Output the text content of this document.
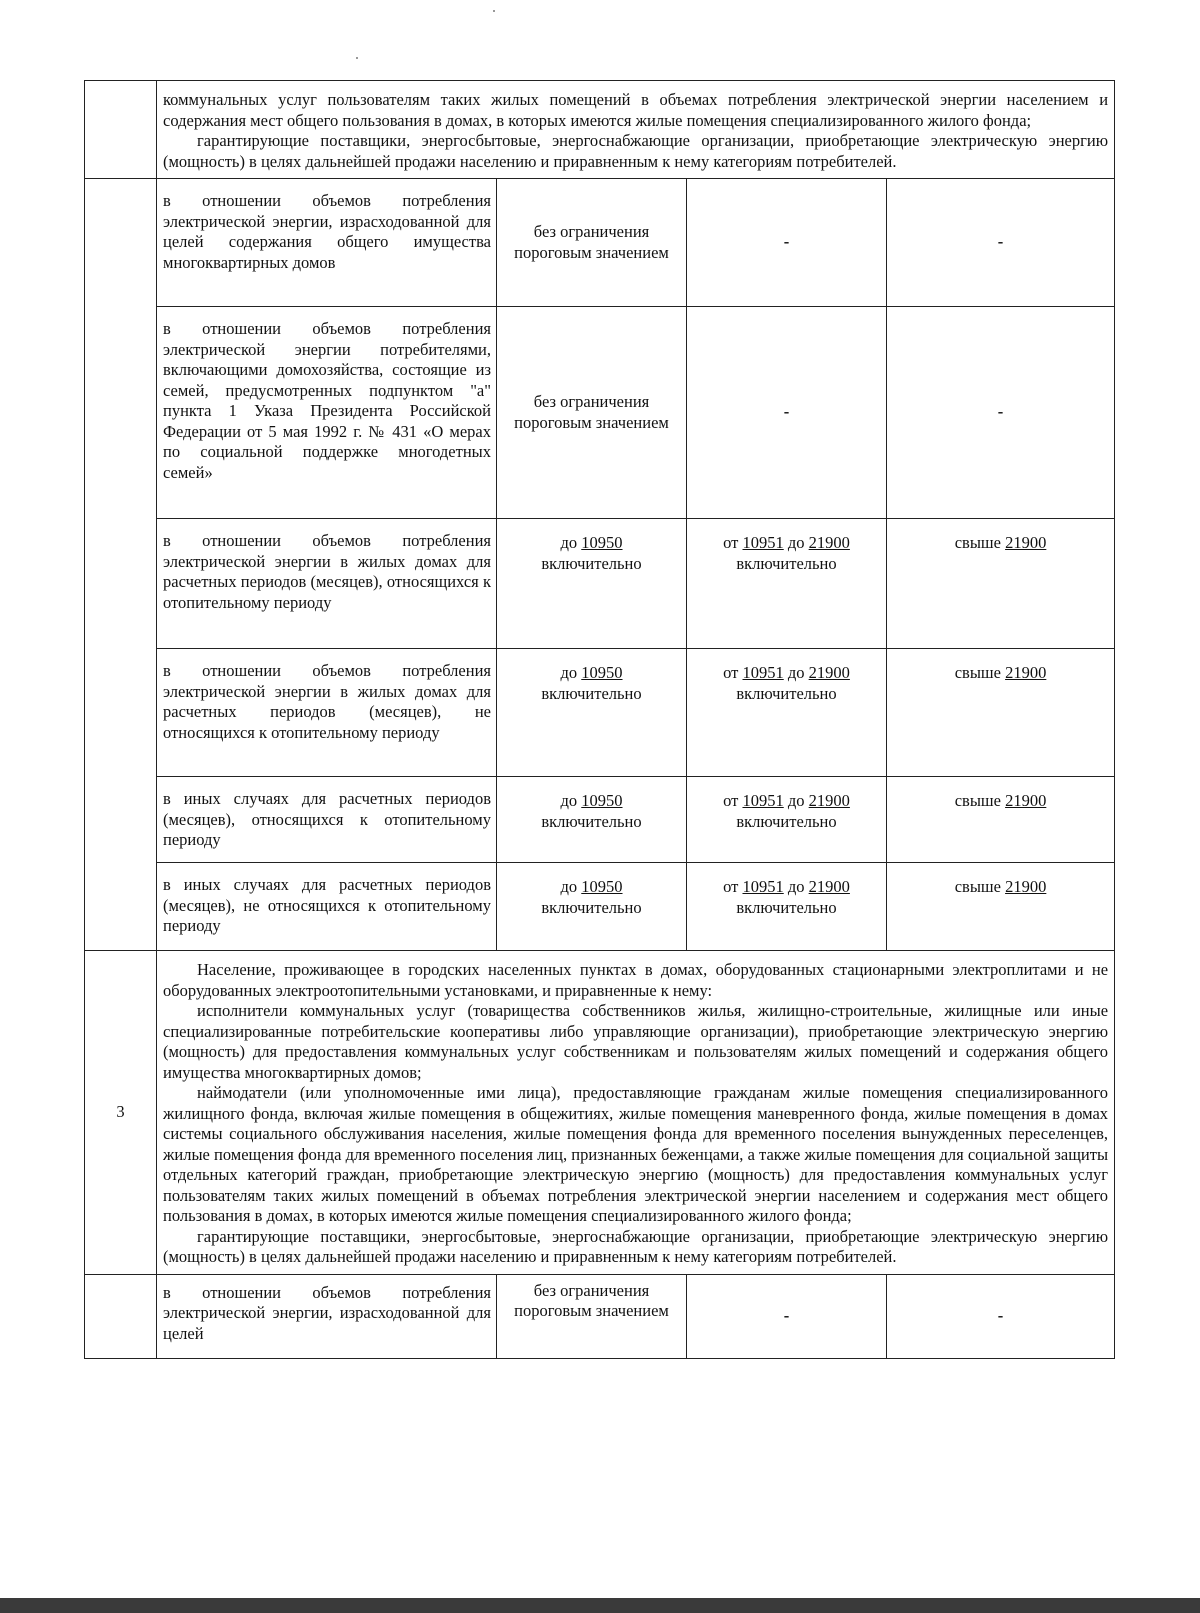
	коммунальных услуг пользователям таких жилых помещений в объемах потребления электрической энергии населением и содержания мест общего пользования в домах, в которых имеются жилые помещения специализированного жилого фонда;

гарантирующие поставщики, энергосбытовые, энергоснабжающие организации, приобретающие электрическую энергию (мощность) в целях дальнейшей продажи населению и приравненным к нему категориям потребителей.			

	в отношении объемов потребления электрической энергии, израсходованной для целей содержания общего имущества многоквартирных домов	без ограничения пороговым значением	-	-

	в отношении объемов потребления электрической энергии потребителями, включающими домохозяйства, состоящие из семей, предусмотренных подпунктом "а" пункта 1 Указа Президента Российской Федерации от 5 мая 1992 г. № 431 «О мерах по социальной поддержке многодетных семей»	без ограничения пороговым значением	-	-

	в отношении объемов потребления электрической энергии в жилых домах для расчетных периодов (месяцев), относящихся к отопительному периоду	до 10950
включительно	от 10951 до 21900
включительно	свыше 21900

	в отношении объемов потребления электрической энергии в жилых домах для расчетных периодов (месяцев), не относящихся к отопительному периоду	до 10950
включительно	от 10951 до 21900
включительно	свыше 21900

	в иных случаях для расчетных периодов (месяцев), относящихся к отопительному периоду	до 10950
включительно	от 10951 до 21900
включительно	свыше 21900

	в иных случаях для расчетных периодов (месяцев), не относящихся к отопительному периоду	до 10950
включительно	от 10951 до 21900
включительно	свыше 21900
3	Население, проживающее в городских населенных пунктах в домах, оборудованных стационарными электроплитами и не оборудованных электроотопительными установками, и приравненные к нему:

исполнители коммунальных услуг (товарищества собственников жилья, жилищно-строительные, жилищные или иные специализированные потребительские кооперативы либо управляющие организации), приобретающие электрическую энергию (мощность) для предоставления коммунальных услуг собственникам и пользователям жилых помещений и содержания общего имущества многоквартирных домов;

наймодатели (или уполномоченные ими лица), предоставляющие гражданам жилые помещения специализированного жилищного фонда, включая жилые помещения в общежитиях, жилые помещения маневренного фонда, жилые помещения в домах системы социального обслуживания населения, жилые помещения фонда для временного поселения вынужденных переселенцев, жилые помещения фонда для временного поселения лиц, признанных беженцами, а также жилые помещения для социальной защиты отдельных категорий граждан, приобретающие электрическую энергию (мощность) для предоставления коммунальных услуг пользователям таких жилых помещений в объемах потребления электрической энергии населением и содержания мест общего пользования в домах, в которых имеются жилые помещения специализированного жилого фонда;

гарантирующие поставщики, энергосбытовые, энергоснабжающие организации, приобретающие электрическую энергию (мощность) в целях дальнейшей продажи населению и приравненным к нему категориям потребителей.			

	в отношении объемов потребления электрической энергии, израсходованной для целей	без ограничения пороговым значением	-	-
